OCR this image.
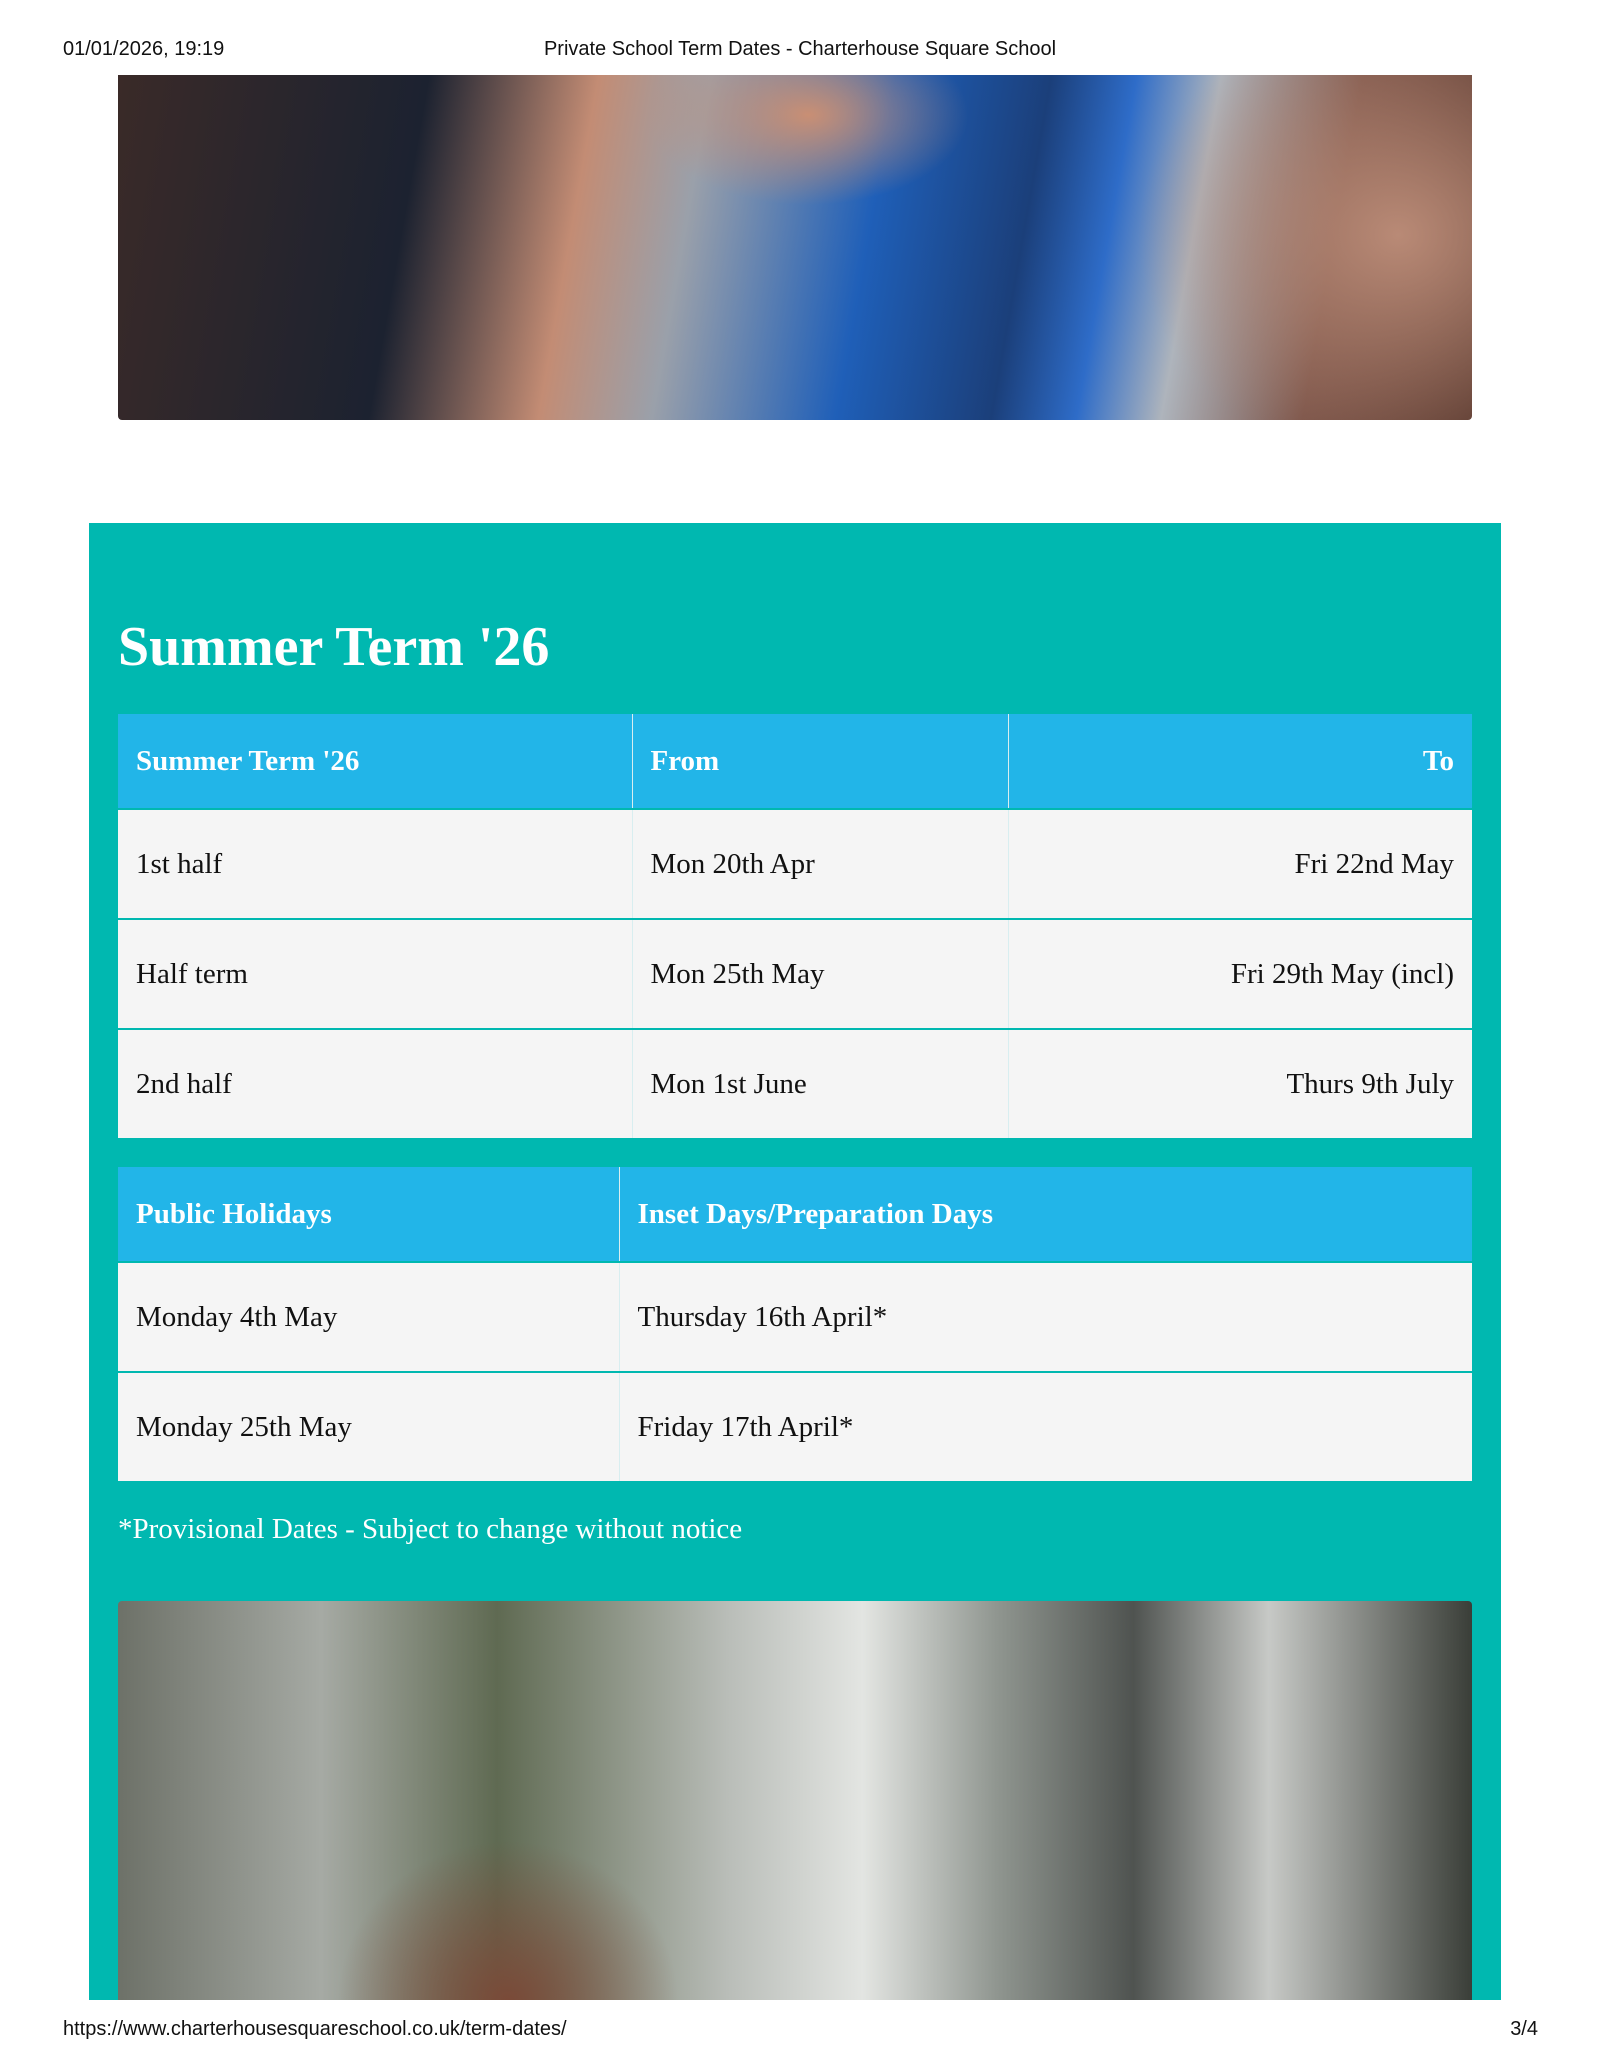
01/01/2026, 19:19	Private School Term Dates - Charterhouse Square School
Summer Term '26
Summer Term '26	From	To
1st half	Mon 20th Apr	Fri 22nd May
Half term	Mon 25th May	Fri 29th May (incl)
2nd half	Mon 1st June	Thurs 9th July
Public Holidays	Inset Days/Preparation Days
Monday 4th May	Thursday 16th April*
Monday 25th May	Friday 17th April*
*Provisional Dates - Subject to change without notice
https://www.charterhousesquareschool.co.uk/term-dates/	3/4
